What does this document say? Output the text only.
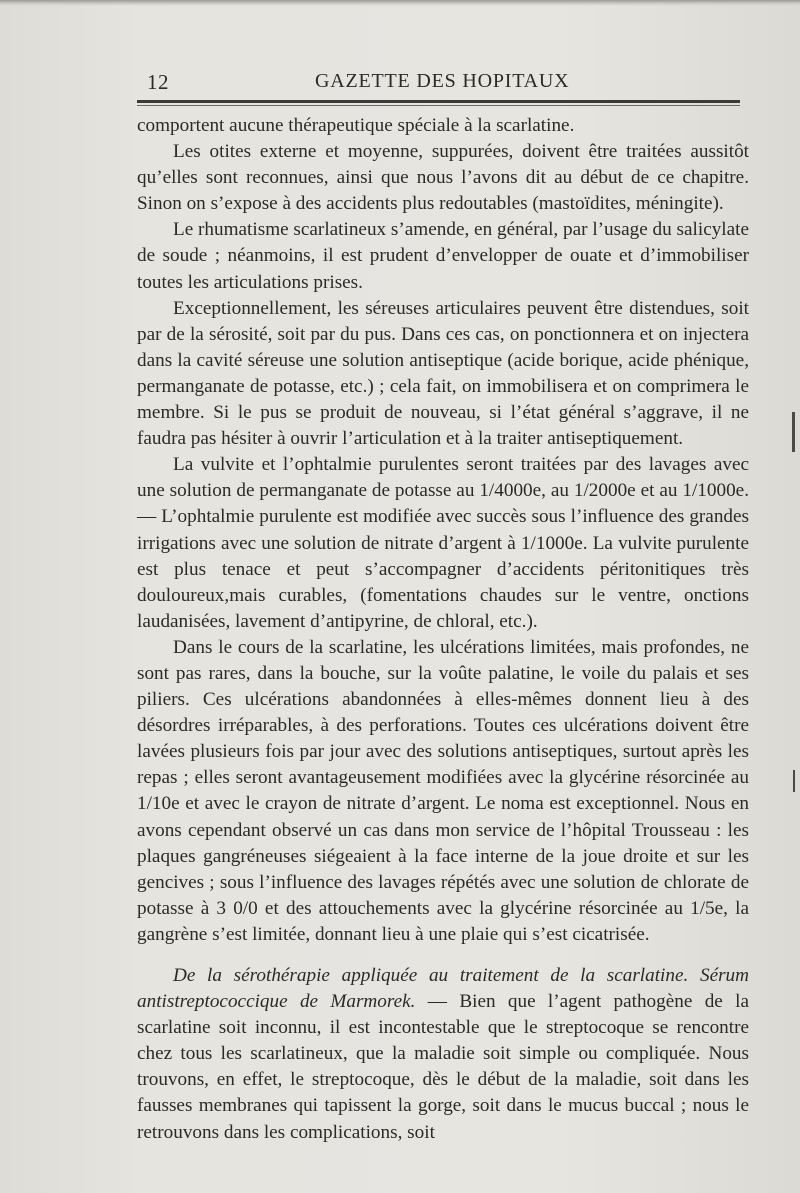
12	GAZETTE DES HOPITAUX

comportent aucune thérapeutique spéciale à la scarlatine.

Les otites externe et moyenne, suppurées, doivent être traitées aussitôt qu’elles sont reconnues, ainsi que nous l’avons dit au début de ce chapitre. Sinon on s’expose à des accidents plus redoutables (mastoïdites, méningite).

Le rhumatisme scarlatineux s’amende, en général, par l’usage du salicylate de soude ; néanmoins, il est prudent d’envelopper de ouate et d’immobiliser toutes les articulations prises.

Exceptionnellement, les séreuses articulaires peuvent être distendues, soit par de la sérosité, soit par du pus. Dans ces cas, on ponctionnera et on injectera dans la cavité séreuse une solution antiseptique (acide borique, acide phénique, permanganate de potasse, etc.) ; cela fait, on immobilisera et on comprimera le membre. Si le pus se produit de nouveau, si l’état général s’aggrave, il ne faudra pas hésiter à ouvrir l’articulation et à la traiter antiseptiquement.

La vulvite et l’ophtalmie purulentes seront traitées par des lavages avec une solution de permanganate de potasse au 1/4000e, au 1/2000e et au 1/1000e.— L’ophtalmie purulente est modifiée avec succès sous l’influence des grandes irrigations avec une solution de nitrate d’argent à 1/1000e. La vulvite purulente est plus tenace et peut s’accompagner d’accidents péritonitiques très douloureux,mais curables, (fomentations chaudes sur le ventre, onctions laudanisées, lavement d’antipyrine, de chloral, etc.).

Dans le cours de la scarlatine, les ulcérations limitées, mais profondes, ne sont pas rares, dans la bouche, sur la voûte palatine, le voile du palais et ses piliers. Ces ulcérations abandonnées à elles-mêmes donnent lieu à des désordres irréparables, à des perforations. Toutes ces ulcérations doivent être lavées plusieurs fois par jour avec des solutions antiseptiques, surtout après les repas ; elles seront avantageusement modifiées avec la glycérine résorcinée au 1/10e et avec le crayon de nitrate d’argent. Le noma est exceptionnel. Nous en avons cependant observé un cas dans mon service de l’hôpital Trousseau : les plaques gangréneuses siégeaient à la face interne de la joue droite et sur les gencives ; sous l’influence des lavages répétés avec une solution de chlorate de potasse à 3 0/0 et des attouchements avec la glycérine résorcinée au 1/5e, la gangrène s’est limitée, donnant lieu à une plaie qui s’est cicatrisée.

De la sérothérapie appliquée au traitement de la scarlatine. Sérum antistreptococcique de Marmorek. — Bien que l’agent pathogène de la scarlatine soit inconnu, il est incontestable que le streptocoque se rencontre chez tous les scarlatineux, que la maladie soit simple ou compliquée. Nous trouvons, en effet, le streptocoque, dès le début de la maladie, soit dans les fausses membranes qui tapissent la gorge, soit dans le mucus buccal ; nous le retrouvons dans les complications, soit
